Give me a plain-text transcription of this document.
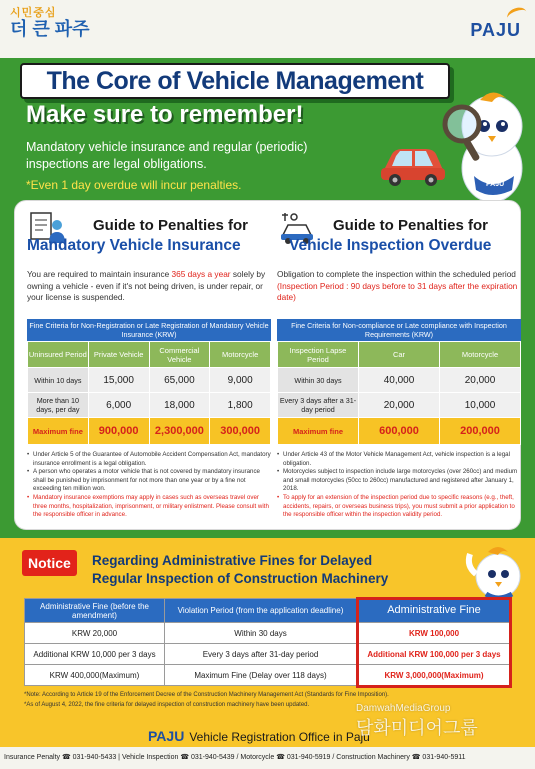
시민중심
더 큰 파주	PAJU
The Core of Vehicle Management
Make sure to remember!
Mandatory vehicle insurance and regular (periodic) inspections are legal obligations.
*Even 1 day overdue will incur penalties.	PAJU
Guide to Penalties for
Mandatory Vehicle Insurance
You are required to maintain insurance 365 days a year solely by owning a vehicle - even if it's not being driven, is under repair, or your license is suspended.
Fine Criteria for Non-Registration or Late Registration of Mandatory Vehicle Insurance (KRW)
Uninsured Period	Private Vehicle	Commercial Vehicle	Motorcycle
Within 10 days	15,000	65,000	9,000
More than 10 days, per day	6,000	18,000	1,800
Maximum fine	900,000	2,300,000	300,000
• Under Article 5 of the Guarantee of Automobile Accident Compensation Act, mandatory insurance enrollment is a legal obligation.
• A person who operates a motor vehicle that is not covered by mandatory insurance shall be punished by imprisonment for not more than one year or by a fine not exceeding ten million won.
• Mandatory insurance exemptions may apply in cases such as overseas travel over three months, hospitalization, imprisonment, or military enlistment. Please consult with the responsible officer in advance.
Guide to Penalties for
Vehicle Inspection Overdue
Obligation to complete the inspection within the scheduled period (Inspection Period : 90 days before to 31 days after the expiration date)
Fine Criteria for Non-compliance or Late compliance with Inspection Requirements (KRW)
Inspection Lapse Period	Car	Motorcycle
Within 30 days	40,000	20,000
Every 3 days after a 31-day period	20,000	10,000
Maximum fine	600,000	200,000
• Under Article 43 of the Motor Vehicle Management Act, vehicle inspection is a legal obligation.
• Motorcycles subject to inspection include large motorcycles (over 260cc) and medium and small motorcycles (50cc to 260cc) manufactured and registered after January 1, 2018.
• To apply for an extension of the inspection period due to specific reasons (e.g., theft, accidents, repairs, or overseas business trips), you must submit a prior application to the responsible officer within the inspection validity period.
Notice	Regarding Administrative Fines for Delayed
Regular Inspection of Construction Machinery
Administrative Fine (before the amendment)	Violation Period (from the application deadline)	Administrative Fine
KRW 20,000	Within 30 days	KRW 100,000
Additional KRW 10,000 per 3 days	Every 3 days after 31-day period	Additional KRW 100,000 per 3 days
KRW 400,000(Maximum)	Maximum Fine (Delay over 118 days)	KRW 3,000,000(Maximum)
*Note: According to Article 19 of the Enforcement Decree of the Construction Machinery Management Act (Standards for Fine Imposition).
*As of August 4, 2022, the fine criteria for delayed inspection of construction machinery have been updated.
PAJU Vehicle Registration Office in Paju
Insurance Penalty ☎ 031-940-5433 | Vehicle Inspection ☎ 031-940-5439 / Motorcycle ☎ 031-940-5919 / Construction Machinery ☎ 031-940-5911
DamwahMediaGroup
담화미디어그룹
